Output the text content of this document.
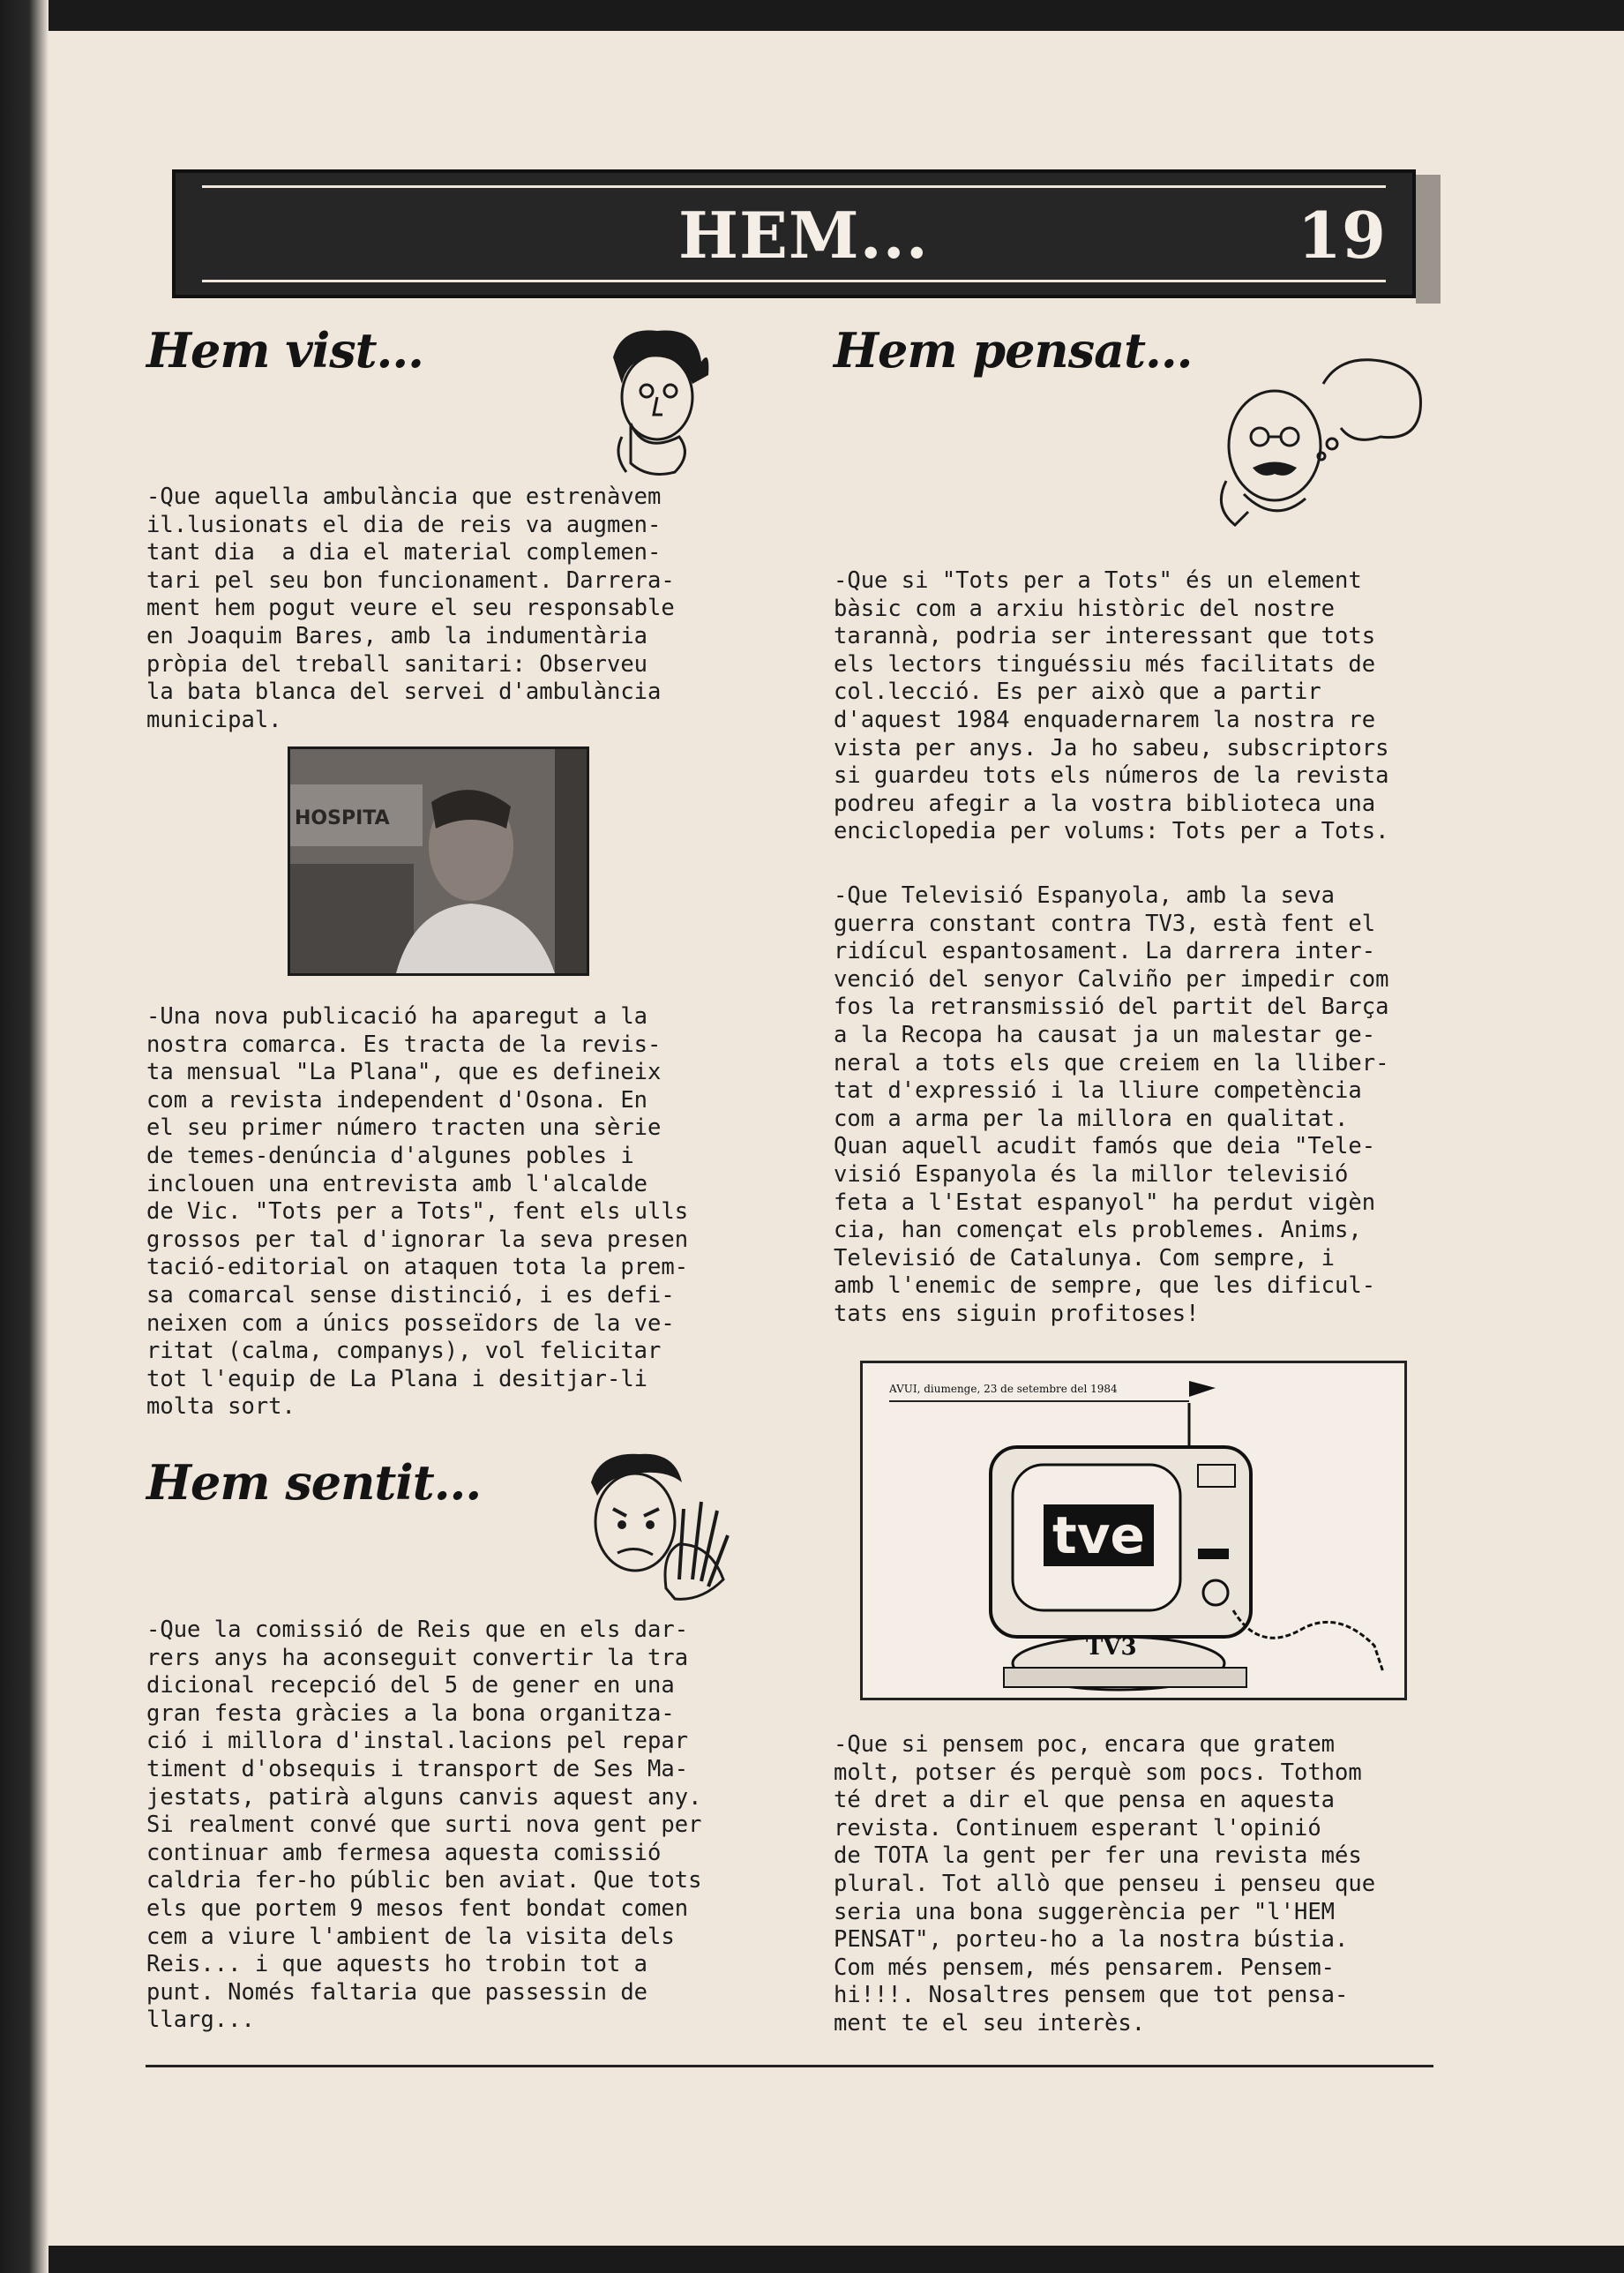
HEM...	19
Hem vist...
-Que aquella ambulància que estrenàvem
il.lusionats el dia de reis va augmen-
tant dia  a dia el material complemen-
tari pel seu bon funcionament. Darrera-
ment hem pogut veure el seu responsable
en Joaquim Bares, amb la indumentària
pròpia del treball sanitari: Observeu
la bata blanca del servei d'ambulància
municipal.
HOSPITA
-Una nova publicació ha aparegut a la
nostra comarca. Es tracta de la revis-
ta mensual "La Plana", que es defineix
com a revista independent d'Osona. En
el seu primer número tracten una sèrie
de temes-denúncia d'algunes pobles i
inclouen una entrevista amb l'alcalde
de Vic. "Tots per a Tots", fent els ulls
grossos per tal d'ignorar la seva presen
tació-editorial on ataquen tota la prem-
sa comarcal sense distinció, i es defi-
neixen com a únics posseïdors de la ve-
ritat (calma, companys), vol felicitar
tot l'equip de La Plana i desitjar-li
molta sort.
Hem sentit...
-Que la comissió de Reis que en els dar-
rers anys ha aconseguit convertir la tra
dicional recepció del 5 de gener en una
gran festa gràcies a la bona organitza-
ció i millora d'instal.lacions pel repar
timent d'obsequis i transport de Ses Ma-
jestats, patirà alguns canvis aquest any.
Si realment convé que surti nova gent per
continuar amb fermesa aquesta comissió
caldria fer-ho públic ben aviat. Que tots
els que portem 9 mesos fent bondat comen
cem a viure l'ambient de la visita dels
Reis... i que aquests ho trobin tot a
punt. Només faltaria que passessin de
llarg...
Hem pensat...
-Que si "Tots per a Tots" és un element
bàsic com a arxiu històric del nostre
tarannà, podria ser interessant que tots
els lectors tinguéssiu més facilitats de
col.lecció. Es per això que a partir
d'aquest 1984 enquadernarem la nostra re
vista per anys. Ja ho sabeu, subscriptors
si guardeu tots els números de la revista
podreu afegir a la vostra biblioteca una
enciclopedia per volums: Tots per a Tots.
-Que Televisió Espanyola, amb la seva
guerra constant contra TV3, està fent el
ridícul espantosament. La darrera inter-
venció del senyor Calviño per impedir com
fos la retransmissió del partit del Barça
a la Recopa ha causat ja un malestar ge-
neral a tots els que creiem en la lliber-
tat d'expressió i la lliure competència
com a arma per la millora en qualitat.
Quan aquell acudit famós que deia "Tele-
visió Espanyola és la millor televisió
feta a l'Estat espanyol" ha perdut vigèn
cia, han començat els problemes. Anims,
Televisió de Catalunya. Com sempre, i
amb l'enemic de sempre, que les dificul-
tats ens siguin profitoses!
AVUI, diumenge, 23 de setembre del 1984
tve
TV3
-Que si pensem poc, encara que gratem
molt, potser és perquè som pocs. Tothom
té dret a dir el que pensa en aquesta
revista. Continuem esperant l'opinió
de TOTA la gent per fer una revista més
plural. Tot allò que penseu i penseu que
seria una bona suggerència per "l'HEM
PENSAT", porteu-ho a la nostra bústia.
Com més pensem, més pensarem. Pensem-
hi!!!. Nosaltres pensem que tot pensa-
ment te el seu interès.
